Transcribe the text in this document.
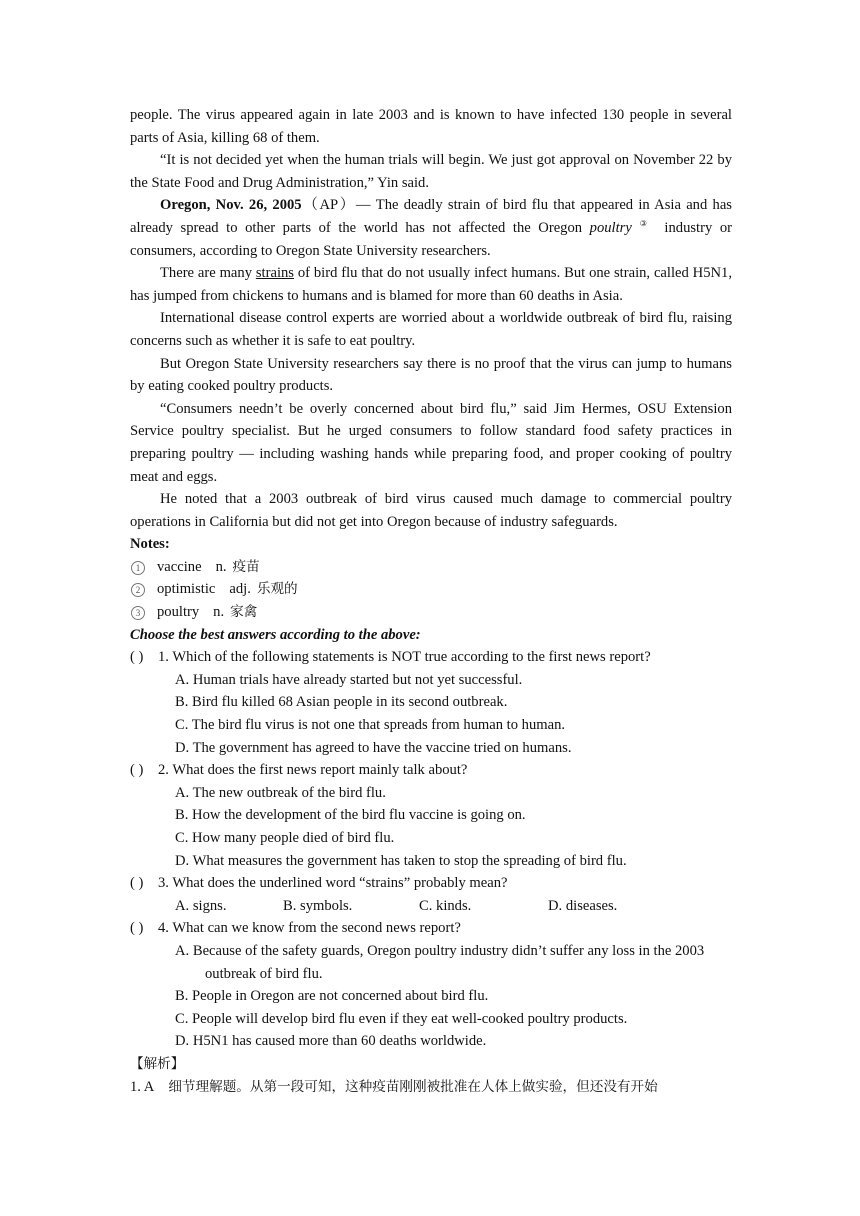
people. The virus appeared again in late 2003 and is known to have infected 130 people in several parts of Asia, killing 68 of them.

“It is not decided yet when the human trials will begin. We just got approval on November 22 by the State Food and Drug Administration,” Yin said.

Oregon, Nov. 26, 2005（AP）— The deadly strain of bird flu that appeared in Asia and has already spread to other parts of the world has not affected the Oregon poultry ③ industry or consumers, according to Oregon State University researchers.

There are many strains of bird flu that do not usually infect humans. But one strain, called H5N1, has jumped from chickens to humans and is blamed for more than 60 deaths in Asia.

International disease control experts are worried about a worldwide outbreak of bird flu, raising concerns such as whether it is safe to eat poultry.

But Oregon State University researchers say there is no proof that the virus can jump to humans by eating cooked poultry products.

“Consumers needn’t be overly concerned about bird flu,” said Jim Hermes, OSU Extension Service poultry specialist. But he urged consumers to follow standard food safety practices in preparing poultry — including washing hands while preparing food, and proper cooking of poultry meat and eggs.

He noted that a 2003 outbreak of bird virus caused much damage to commercial poultry operations in California but did not get into Oregon because of industry safeguards.

Notes:

1	vaccine n. 疫苗
2	optimistic adj. 乐观的
3	poultry n. 家禽

Choose the best answers according to the above:

( )	1. Which of the following statements is NOT true according to the first news report?

A. Human trials have already started but not yet successful.

B. Bird flu killed 68 Asian people in its second outbreak.

C. The bird flu virus is not one that spreads from human to human.

D. The government has agreed to have the vaccine tried on humans.

( )	2. What does the first news report mainly talk about?

A. The new outbreak of the bird flu.

B. How the development of the bird flu vaccine is going on.

C. How many people died of bird flu.

D. What measures the government has taken to stop the spreading of bird flu.

( )	3. What does the underlined word “strains” probably mean?
A. signs.	B. symbols.	C. kinds.	D. diseases.
( )	4. What can we know from the second news report?

A. Because of the safety guards, Oregon poultry industry didn’t suffer any loss in the 2003 outbreak of bird flu.

B. People in Oregon are not concerned about bird flu.

C. People will develop bird flu even if they eat well-cooked poultry products.

D. H5N1 has caused more than 60 deaths worldwide.

【解析】

1. A 细节理解题。从第一段可知，这种疫苗刚刚被批准在人体上做实验，但还没有开始
